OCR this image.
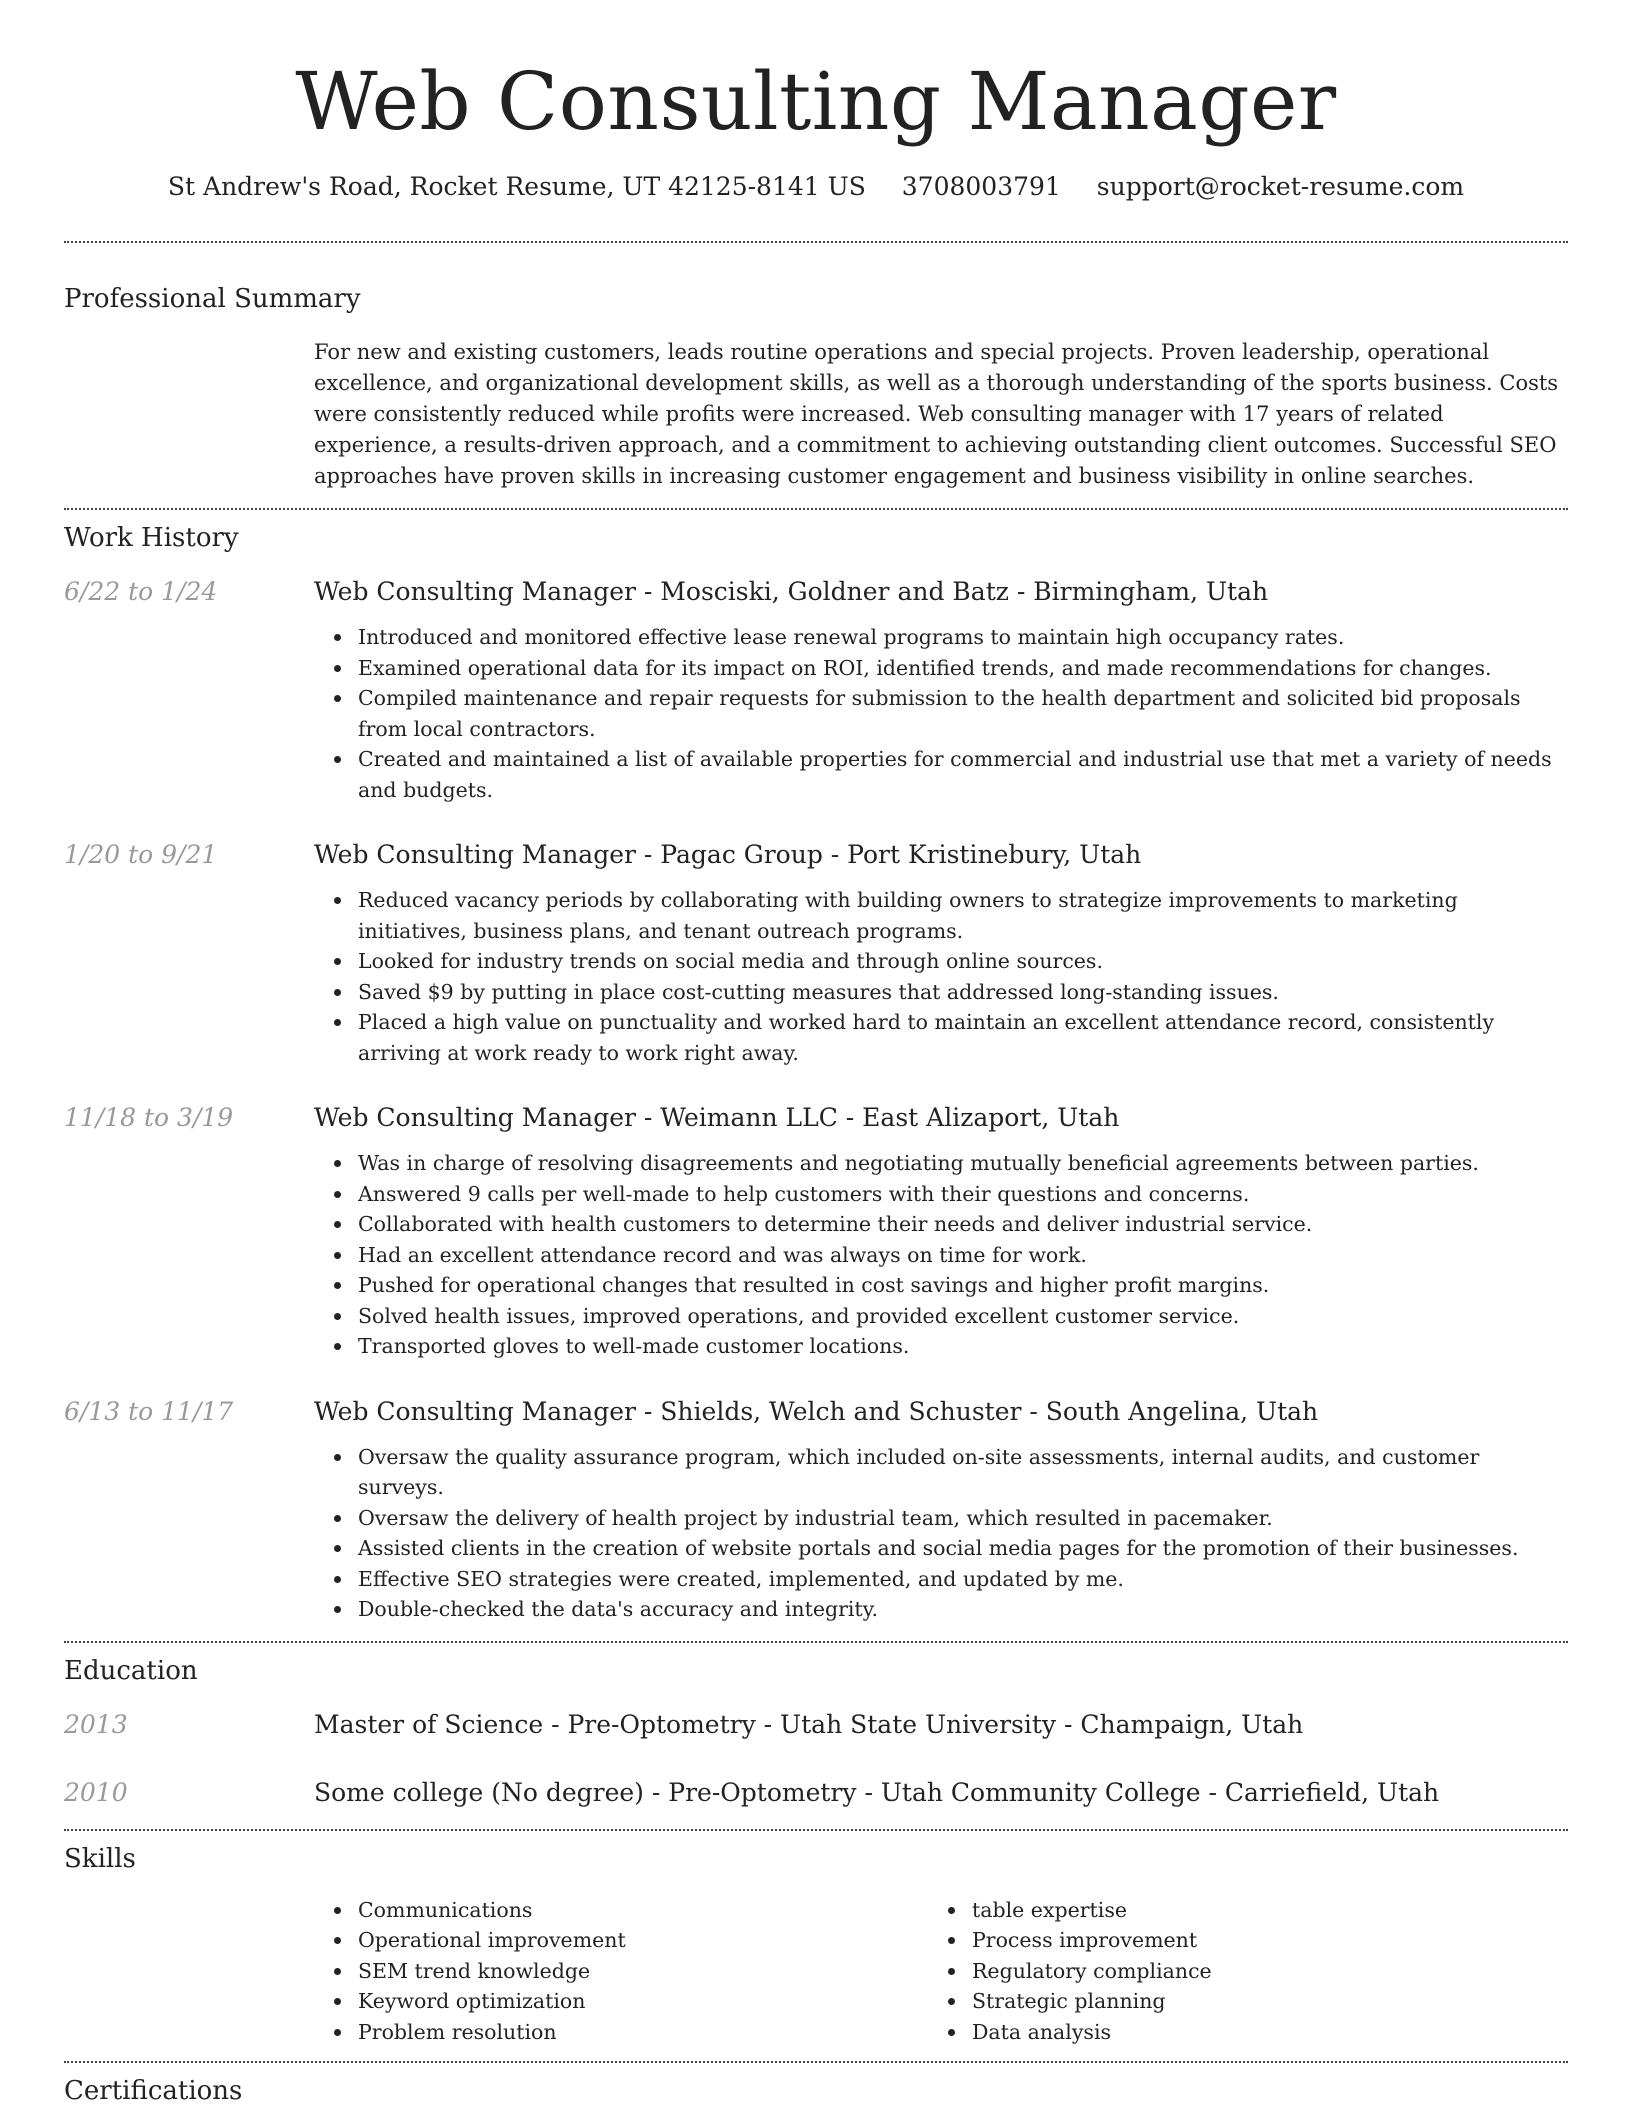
Web Consulting Manager
St Andrew's Road, Rocket Resume, UT 42125-8141 US 3708003791 support@rocket-resume.com
Professional Summary

For new and existing customers, leads routine operations and special projects. Proven leadership, operational excellence, and organizational development skills, as well as a thorough understanding of the sports business. Costs were consistently reduced while profits were increased. Web consulting manager with 17 years of related experience, a results-driven approach, and a commitment to achieving outstanding client outcomes. Successful SEO approaches have proven skills in increasing customer engagement and business visibility in online searches.

Work History
6/22 to 1/24	Web Consulting Manager - Mosciski, Goldner and Batz - Birmingham, Utah
Introduced and monitored effective lease renewal programs to maintain high occupancy rates.
Examined operational data for its impact on ROI, identified trends, and made recommendations for changes.
Compiled maintenance and repair requests for submission to the health department and solicited bid proposals from local contractors.
Created and maintained a list of available properties for commercial and industrial use that met a variety of needs and budgets.
1/20 to 9/21	Web Consulting Manager - Pagac Group - Port Kristinebury, Utah
Reduced vacancy periods by collaborating with building owners to strategize improvements to marketing initiatives, business plans, and tenant outreach programs.
Looked for industry trends on social media and through online sources.
Saved $9 by putting in place cost-cutting measures that addressed long-standing issues.
Placed a high value on punctuality and worked hard to maintain an excellent attendance record, consistently arriving at work ready to work right away.
11/18 to 3/19	Web Consulting Manager - Weimann LLC - East Alizaport, Utah
Was in charge of resolving disagreements and negotiating mutually beneficial agreements between parties.
Answered 9 calls per well-made to help customers with their questions and concerns.
Collaborated with health customers to determine their needs and deliver industrial service.
Had an excellent attendance record and was always on time for work.
Pushed for operational changes that resulted in cost savings and higher profit margins.
Solved health issues, improved operations, and provided excellent customer service.
Transported gloves to well-made customer locations.
6/13 to 11/17	Web Consulting Manager - Shields, Welch and Schuster - South Angelina, Utah
Oversaw the quality assurance program, which included on-site assessments, internal audits, and customer surveys.
Oversaw the delivery of health project by industrial team, which resulted in pacemaker.
Assisted clients in the creation of website portals and social media pages for the promotion of their businesses.
Effective SEO strategies were created, implemented, and updated by me.
Double-checked the data's accuracy and integrity.
Education
2013	Master of Science - Pre-Optometry - Utah State University - Champaign, Utah
2010	Some college (No degree) - Pre-Optometry - Utah Community College - Carriefield, Utah
Skills
Communications
Operational improvement
SEM trend knowledge
Keyword optimization
Problem resolution
table expertise
Process improvement
Regulatory compliance
Strategic planning
Data analysis
Certifications
